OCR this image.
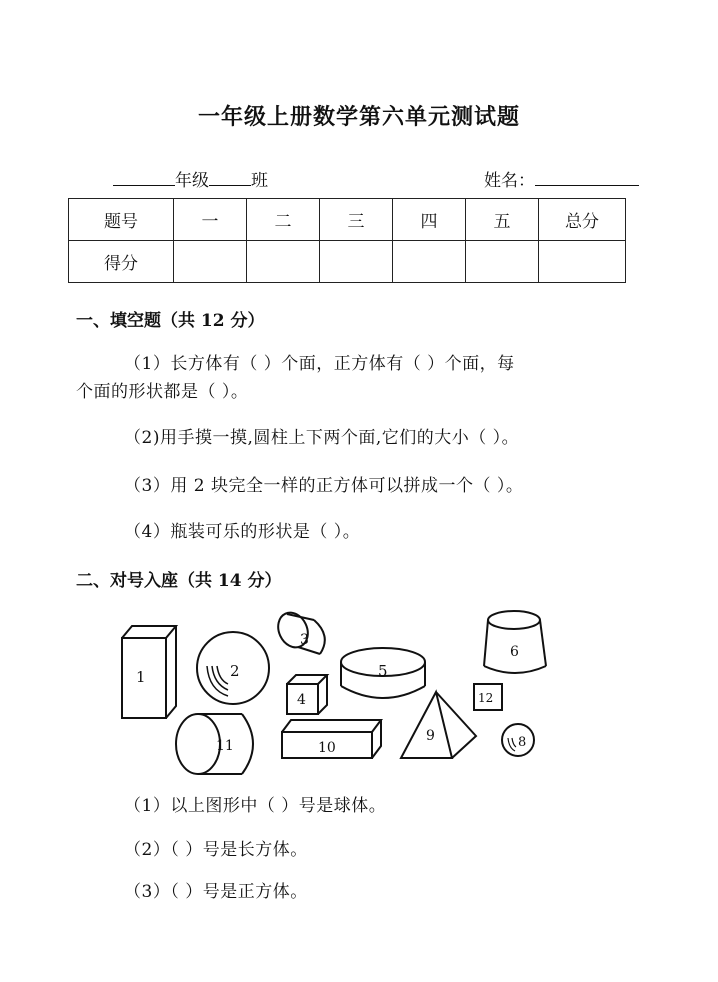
一年级上册数学第六单元测试题
年级 班	姓名：
题号	一	二	三	四	五	总分
得分						
一、填空题（共 12 分）
（1）长方体有（ ）个面，正方体有（ ）个面，每
个面的形状都是（ ）。
（2)用手摸一摸,圆柱上下两个面,它们的大小（ ）。
（3）用 2 块完全一样的正方体可以拼成一个（ ）。
（4）瓶装可乐的形状是（ ）。
二、对号入座（共 14 分）
1	2
3
4
5
6
9
10
11
12
8
（1）以上图形中（ ）号是球体。
（2）（ ）号是长方体。
（3）（ ）号是正方体。
